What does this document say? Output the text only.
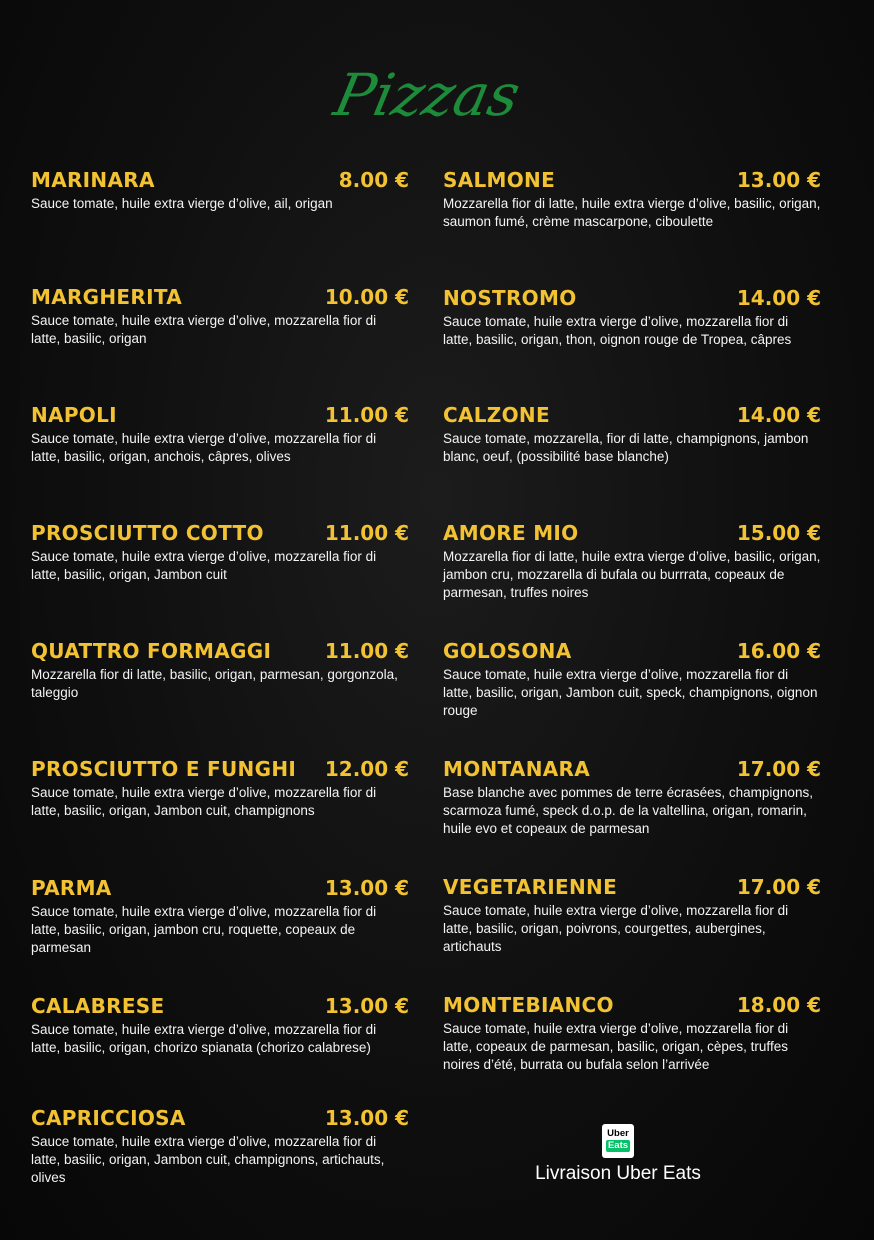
Pizzas
MARINARA	8.00 €
Sauce tomate, huile extra vierge d’olive, ail, origan
MARGHERITA	10.00 €
Sauce tomate, huile extra vierge d’olive, mozzarella fior di latte, basilic, origan
NAPOLI	11.00 €
Sauce tomate, huile extra vierge d’olive, mozzarella fior di latte, basilic, origan, anchois, câpres, olives
PROSCIUTTO COTTO	11.00 €
Sauce tomate, huile extra vierge d’olive, mozzarella fior di latte, basilic, origan, Jambon cuit
QUATTRO FORMAGGI	11.00 €
Mozzarella fior di latte, basilic, origan, parmesan, gorgonzola, taleggio
PROSCIUTTO E FUNGHI 12.00 €
Sauce tomate, huile extra vierge d’olive, mozzarella fior di latte, basilic, origan, Jambon cuit, champignons
PARMA	13.00 €
Sauce tomate, huile extra vierge d’olive, mozzarella fior di latte, basilic, origan, jambon cru, roquette, copeaux de parmesan
CALABRESE	13.00 €
Sauce tomate, huile extra vierge d’olive, mozzarella fior di latte, basilic, origan, chorizo spianata (chorizo calabrese)
CAPRICCIOSA	13.00 €
Sauce tomate, huile extra vierge d’olive, mozzarella fior di latte, basilic, origan, Jambon cuit, champignons, artichauts, olives
SALMONE	13.00 €
Mozzarella fior di latte, huile extra vierge d’olive, basilic, origan, saumon fumé, crème mascarpone, ciboulette
NOSTROMO	14.00 €
Sauce tomate, huile extra vierge d’olive, mozzarella fior di latte, basilic, origan, thon, oignon rouge de Tropea, câpres
CALZONE	14.00 €
Sauce tomate, mozzarella, fior di latte, champignons, jambon blanc, oeuf, (possibilité base blanche)
AMORE MIO	15.00 €
Mozzarella fior di latte, huile extra vierge d’olive, basilic, origan, jambon cru, mozzarella di bufala ou burrrata, copeaux de parmesan, truffes noires
GOLOSONA	16.00 €
Sauce tomate, huile extra vierge d’olive, mozzarella fior di latte, basilic, origan, Jambon cuit, speck, champignons, oignon rouge
MONTANARA	17.00 €
Base blanche avec pommes de terre écrasées, champignons, scarmoza fumé, speck d.o.p. de la valtellina, origan, romarin, huile evo et copeaux de parmesan
VEGETARIENNE	17.00 €
Sauce tomate, huile extra vierge d’olive, mozzarella fior di latte, basilic, origan, poivrons, courgettes, aubergines, artichauts
MONTEBIANCO	18.00 €
Sauce tomate, huile extra vierge d’olive, mozzarella fior di latte, copeaux de parmesan, basilic, origan, cèpes, truffes noires d’été, burrata ou bufala selon l’arrivée
Uber
Eats
Livraison Uber Eats
